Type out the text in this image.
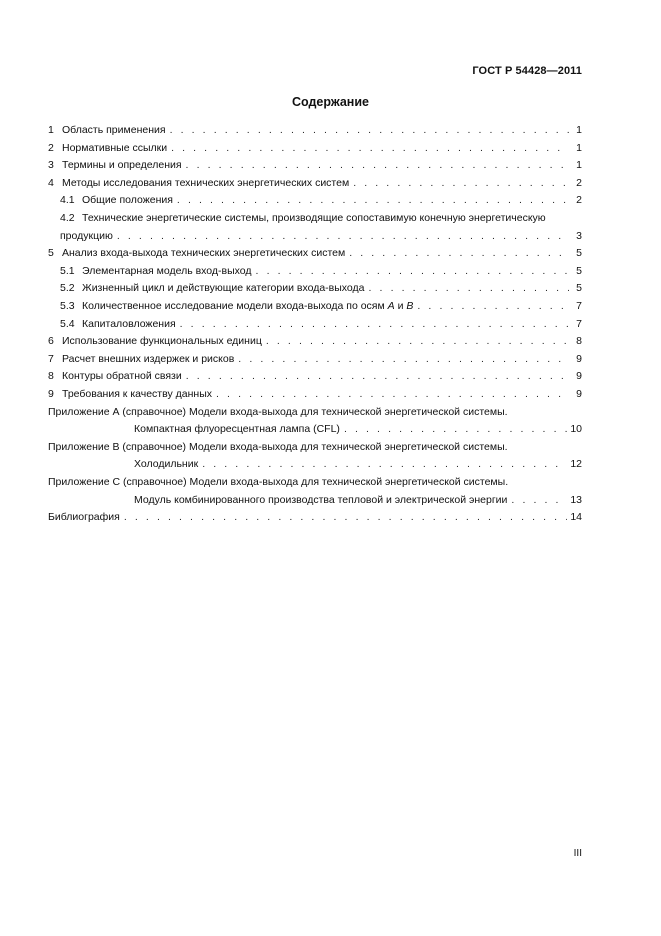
ГОСТ Р 54428—2011
Содержание
1 Область применения . . .	1
2 Нормативные ссылки . . .	1
3 Термины и определения . . .	1
4 Методы исследования технических энергетических систем . . .	2
4.1 Общие положения . . .	2
4.2 Технические энергетические системы, производящие сопоставимую конечную энергетическую
продукцию . . .	3
5 Анализ входа-выхода технических энергетических систем . . .	5
5.1 Элементарная модель вход-выход . . .	5
5.2 Жизненный цикл и действующие категории входа-выхода . . .	5
5.3 Количественное исследование модели входа-выхода по осям A и B . . .	7
5.4 Капиталовложения . . .	7
6 Использование функциональных единиц . . .	8
7 Расчет внешних издержек и рисков . . .	9
8 Контуры обратной связи . . .	9
9 Требования к качеству данных . . .	9
Приложение А (справочное) Модели входа-выхода для технической энергетической системы.
Компактная флуоресцентная лампа (CFL) . . .	10
Приложение В (справочное) Модели входа-выхода для технической энергетической системы.
Холодильник . . .	12
Приложение С (справочное) Модели входа-выхода для технической энергетической системы.
Модуль комбинированного производства тепловой и электрической энергии . . .	13
Библиография . . .	14
III
